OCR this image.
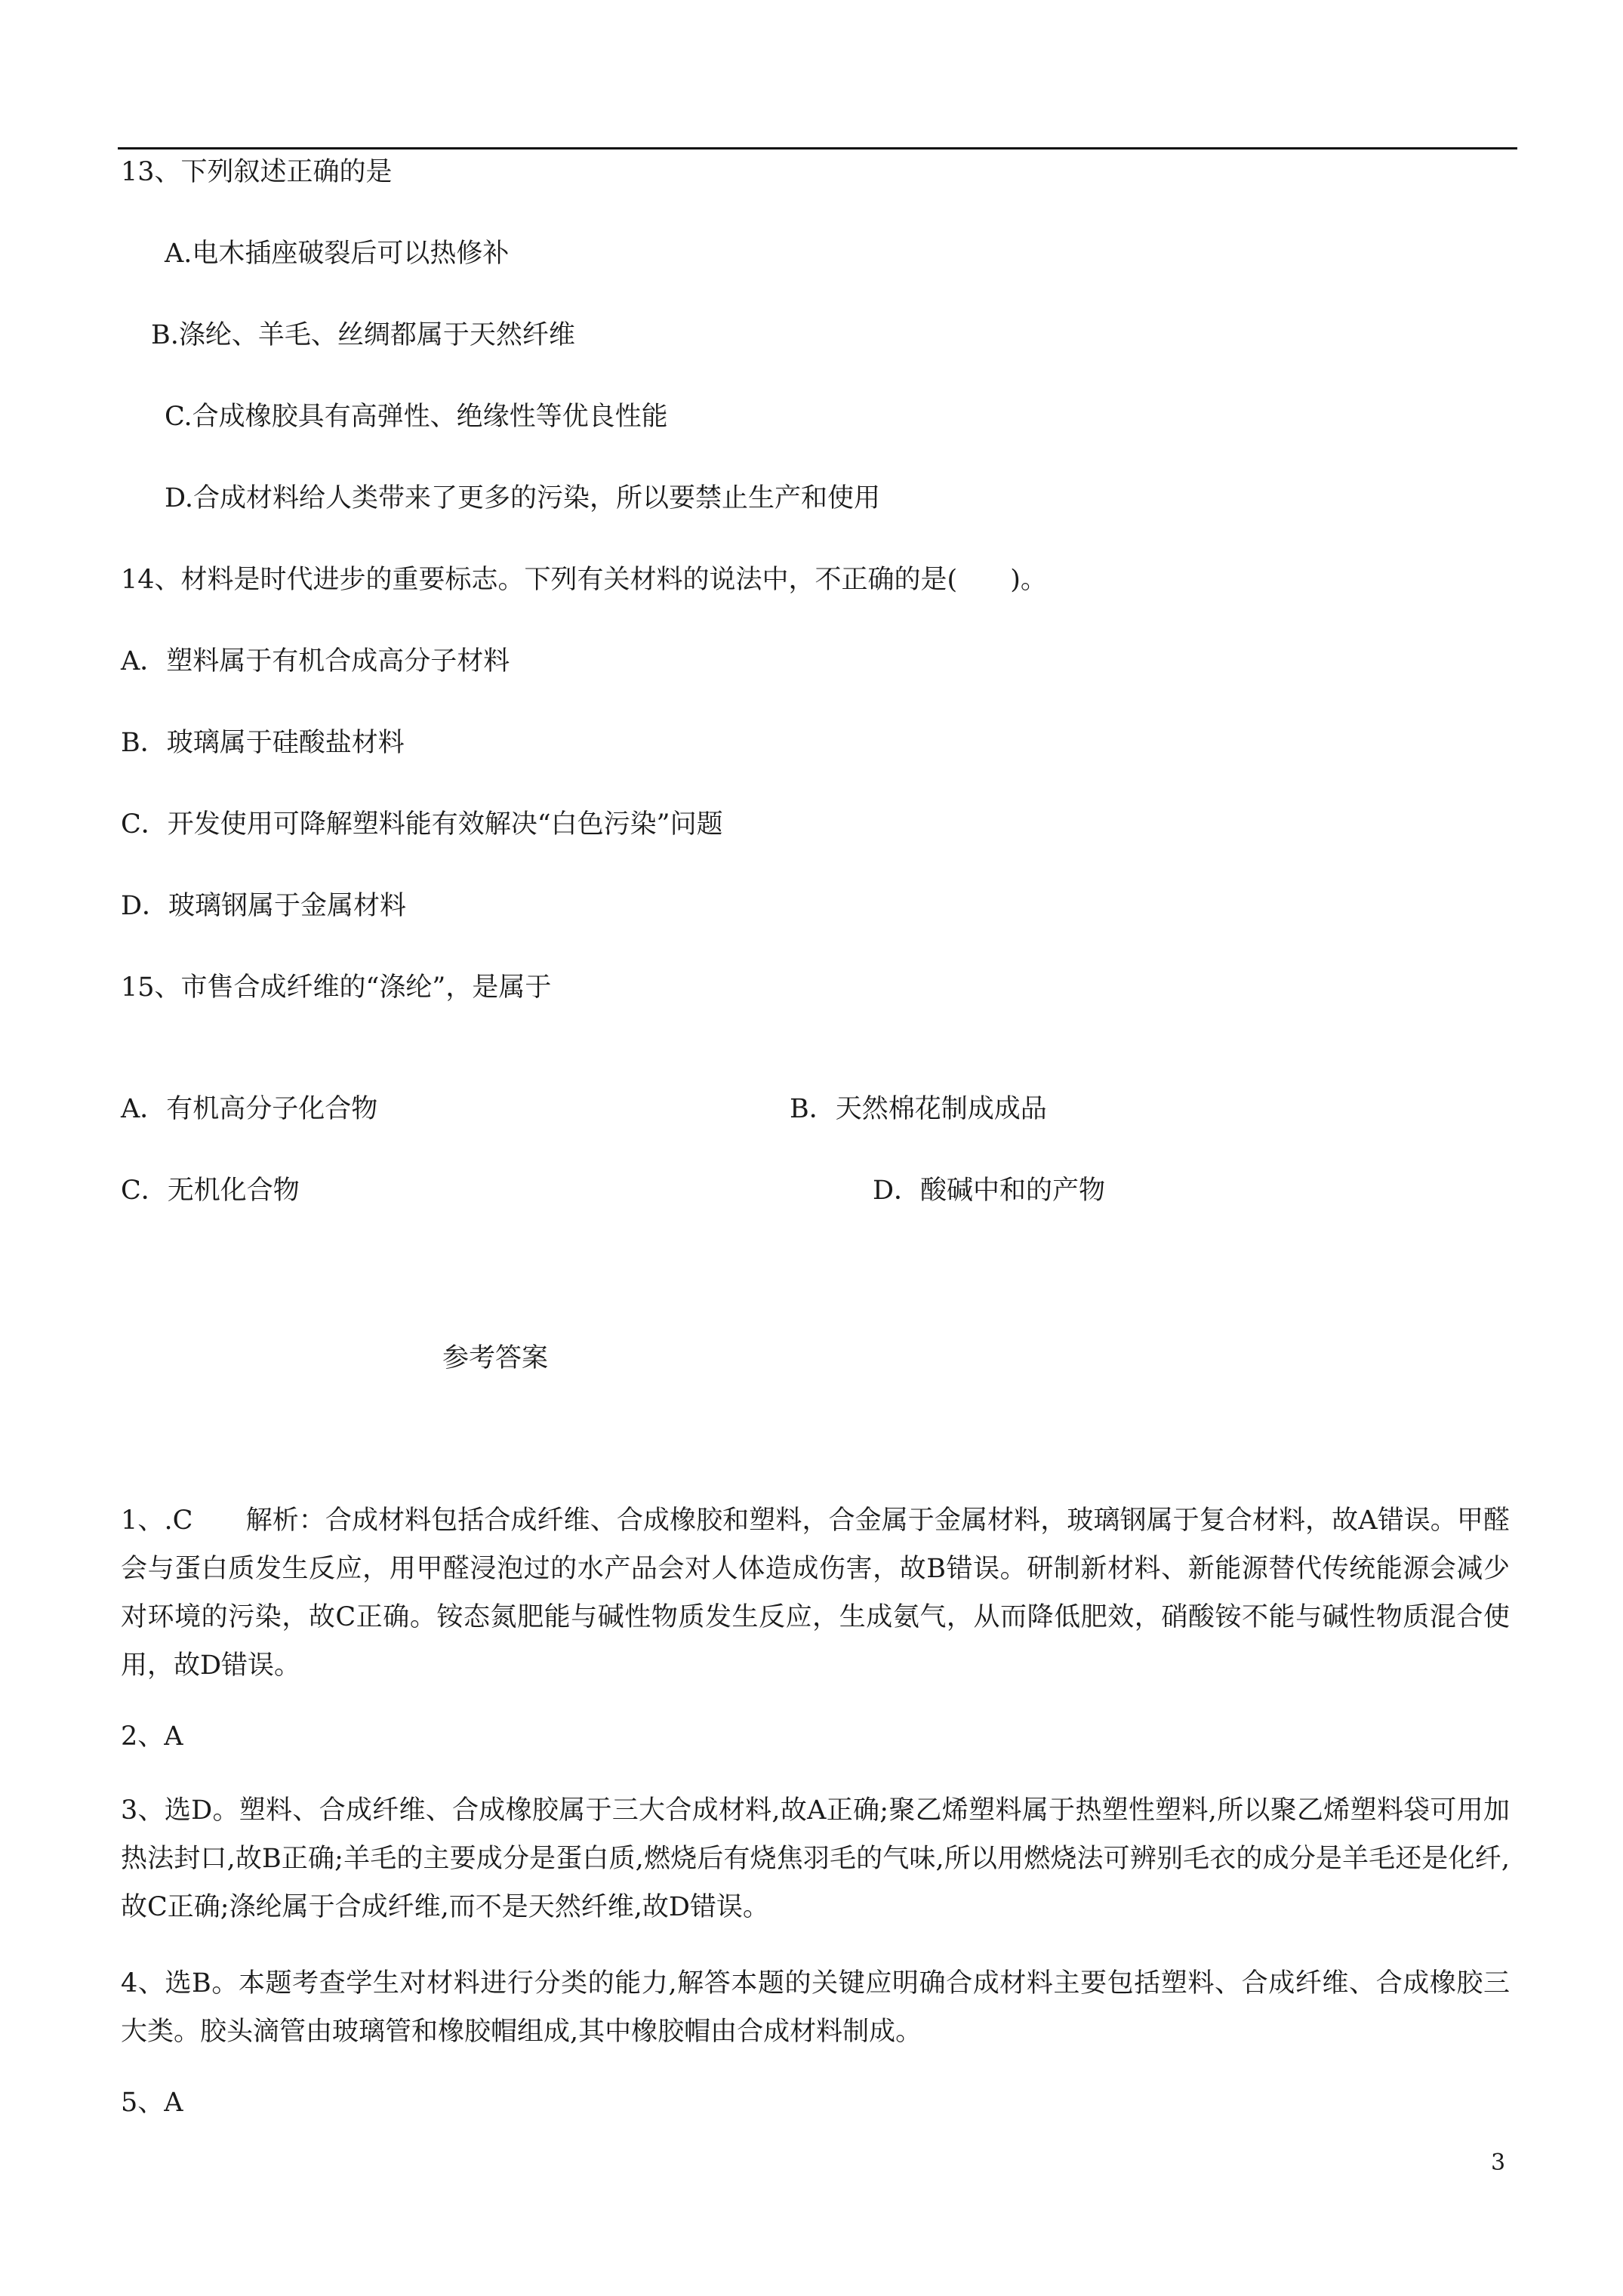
13、下列叙述正确的是
A.电木插座破裂后可以热修补
B.涤纶、羊毛、丝绸都属于天然纤维
C.合成橡胶具有高弹性、绝缘性等优良性能
D.合成材料给人类带来了更多的污染，所以要禁止生产和使用
14、材料是时代进步的重要标志。下列有关材料的说法中，不正确的是(　　)。
A．塑料属于有机合成高分子材料
B．玻璃属于硅酸盐材料
C．开发使用可降解塑料能有效解决“白色污染”问题
D．玻璃钢属于金属材料
15、市售合成纤维的“涤纶”，是属于
A．有机高分子化合物	B．天然棉花制成成品
C．无机化合物	D．酸碱中和的产物
参考答案
1、.C　　解析：合成材料包括合成纤维、合成橡胶和塑料，合金属于金属材料，玻璃钢属于复合材料，故A错误。甲醛会与蛋白质发生反应，用甲醛浸泡过的水产品会对人体造成伤害，故B错误。研制新材料、新能源替代传统能源会减少对环境的污染，故C正确。铵态氮肥能与碱性物质发生反应，生成氨气，从而降低肥效，硝酸铵不能与碱性物质混合使用，故D错误。
2、A
3、选D。塑料、合成纤维、合成橡胶属于三大合成材料,故A正确;聚乙烯塑料属于热塑性塑料,所以聚乙烯塑料袋可用加热法封口,故B正确;羊毛的主要成分是蛋白质,燃烧后有烧焦羽毛的气味,所以用燃烧法可辨别毛衣的成分是羊毛还是化纤,故C正确;涤纶属于合成纤维,而不是天然纤维,故D错误。
4、选B。本题考查学生对材料进行分类的能力,解答本题的关键应明确合成材料主要包括塑料、合成纤维、合成橡胶三大类。胶头滴管由玻璃管和橡胶帽组成,其中橡胶帽由合成材料制成。
5、A
3
